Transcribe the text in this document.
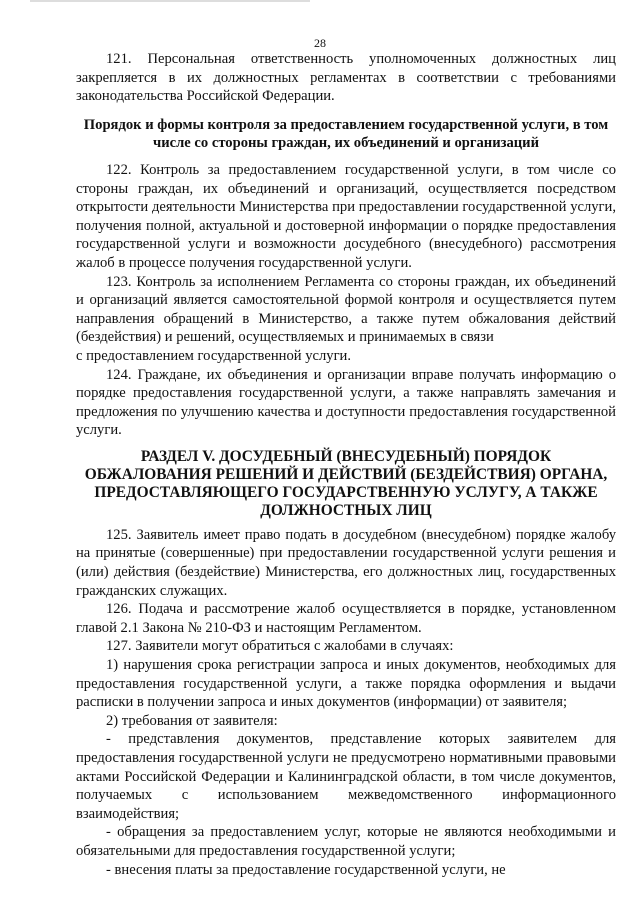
28

121. Персональная ответственность уполномоченных должностных лиц закрепляется в их должностных регламентах в соответствии с требованиями законодательства Российской Федерации.

Порядок и формы контроля за предоставлением государственной услуги, в том числе со стороны граждан, их объединений и организаций

122. Контроль за предоставлением государственной услуги, в том числе со стороны граждан, их объединений и организаций, осуществляется посредством открытости деятельности Министерства при предоставлении государственной услуги, получения полной, актуальной и достоверной информации о порядке предоставления государственной услуги и возможности досудебного (внесудебного) рассмотрения жалоб в процессе получения государственной услуги.

123. Контроль за исполнением Регламента со стороны граждан, их объединений и организаций является самостоятельной формой контроля и осуществляется путем направления обращений в Министерство, а также путем обжалования действий (бездействия) и решений, осуществляемых и принимаемых в связи

с предоставлением государственной услуги.

124. Граждане, их объединения и организации вправе получать информацию о порядке предоставления государственной услуги, а также направлять замечания и предложения по улучшению качества и доступности предоставления государственной услуги.

РАЗДЕЛ V. ДОСУДЕБНЫЙ (ВНЕСУДЕБНЫЙ) ПОРЯДОК ОБЖАЛОВАНИЯ РЕШЕНИЙ И ДЕЙСТВИЙ (БЕЗДЕЙСТВИЯ) ОРГАНА, ПРЕДОСТАВЛЯЮЩЕГО ГОСУДАРСТВЕННУЮ УСЛУГУ, А ТАКЖЕ ДОЛЖНОСТНЫХ ЛИЦ

125. Заявитель имеет право подать в досудебном (внесудебном) порядке жалобу на принятые (совершенные) при предоставлении государственной услуги решения и (или) действия (бездействие) Министерства, его должностных лиц, государственных гражданских служащих.

126. Подача и рассмотрение жалоб осуществляется в порядке, установленном главой 2.1 Закона № 210-ФЗ и настоящим Регламентом.

127. Заявители могут обратиться с жалобами в случаях:

1) нарушения срока регистрации запроса и иных документов, необходимых для предоставления государственной услуги, а также порядка оформления и выдачи расписки в получении запроса и иных документов (информации) от заявителя;

2) требования от заявителя:

- представления документов, представление которых заявителем для предоставления государственной услуги не предусмотрено нормативными правовыми актами Российской Федерации и Калининградской области, в том числе документов, получаемых с использованием межведомственного информационного взаимодействия;

- обращения за предоставлением услуг, которые не являются необходимыми и обязательными для предоставления государственной услуги;

- внесения платы за предоставление государственной услуги, не
